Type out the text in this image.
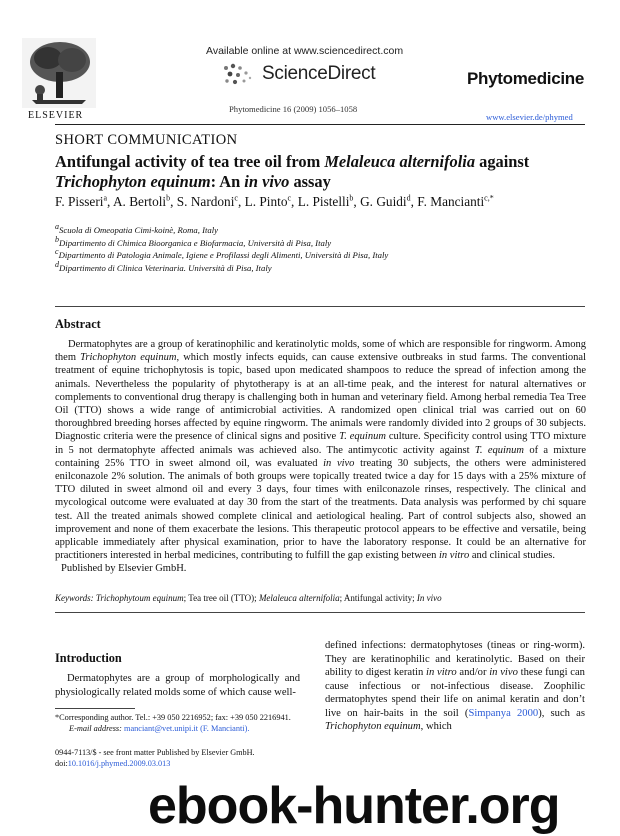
ELSEVIER
Available online at www.sciencedirect.com
ScienceDirect
Phytomedicine 16 (2009) 1056–1058
Phytomedicine
www.elsevier.de/phymed
SHORT COMMUNICATION
Antifungal activity of tea tree oil from Melaleuca alternifolia against Trichophyton equinum: An in vivo assay
F. Pisseri$^a$, A. Bertoli$^b$, S. Nardoni$^c$, L. Pinto$^c$, L. Pistelli$^b$, G. Guidi$^d$, F. Mancianti$^{c,*}$
$^a$Scuola di Omeopatia Cimi-koinè, Roma, Italy
$^b$Dipartimento di Chimica Bioorganica e Biofarmacia, Università di Pisa, Italy
$^c$Dipartimento di Patologia Animale, Igiene e Profilassi degli Alimenti, Università di Pisa, Italy
$^d$Dipartimento di Clinica Veterinaria. Università di Pisa, Italy
Abstract

Dermatophytes are a group of keratinophilic and keratinolytic molds, some of which are responsible for ringworm. Among them Trichophyton equinum, which mostly infects equids, can cause extensive outbreaks in stud farms. The conventional treatment of equine trichophytosis is topic, based upon medicated shampoos to reduce the spread of infection among the animals. Nevertheless the popularity of phytotherapy is at an all-time peak, and the interest for natural alternatives or complements to conventional drug therapy is challenging both in human and veterinary field. Among herbal remedia Tea Tree Oil (TTO) shows a wide range of antimicrobial activities. A randomized open clinical trial was carried out on 60 thoroughbred breeding horses affected by equine ringworm. The animals were randomly divided into 2 groups of 30 subjects. Diagnostic criteria were the presence of clinical signs and positive T. equinum culture. Specificity control using TTO mixture in 5 not dermatophyte affected animals was achieved also. The antimycotic activity against T. equinum of a mixture containing 25% TTO in sweet almond oil, was evaluated in vivo treating 30 subjects, the others were administered enilconazole 2% solution. The animals of both groups were topically treated twice a day for 15 days with a 25% mixture of TTO diluted in sweet almond oil and every 3 days, four times with enilconazole rinses, respectively. The clinical and mycological outcome were evaluated at day 30 from the start of the treatments. Data analysis was performed by chi square test. All the treated animals showed complete clinical and aetiological healing. Part of control subjects also, showed an improvement and none of them exacerbate the lesions. This therapeutic protocol appears to be effective and versatile, being applicable immediately after physical examination, prior to have the laboratory response. It could be an alternative for practitioners interested in herbal medicines, contributing to fulfill the gap existing between in vitro and clinical studies.

Published by Elsevier GmbH.

Keywords: Trichophytoum equinum; Tea tree oil (TTO); Melaleuca alternifolia; Antifungal activity; In vivo
Introduction
Dermatophytes are a group of morphologically and physiologically related molds some of which cause well-
defined infections: dermatophytoses (tineas or ring-worm). They are keratinophilic and keratinolytic. Based on their ability to digest keratin in vitro and/or in vivo these fungi can cause infectious or not-infectious disease. Zoophilic dermatophytes spend their life on animal keratin and don’t live on hair-baits in the soil (Simpanya 2000), such as Trichophyton equinum, which
*Corresponding author. Tel.: +39 050 2216952; fax: +39 050 2216941.
E-mail address: manciant@vet.unipi.it (F. Mancianti).
0944-7113/$ - see front matter Published by Elsevier GmbH.
doi:10.1016/j.phymed.2009.03.013
ebook-hunter.org
